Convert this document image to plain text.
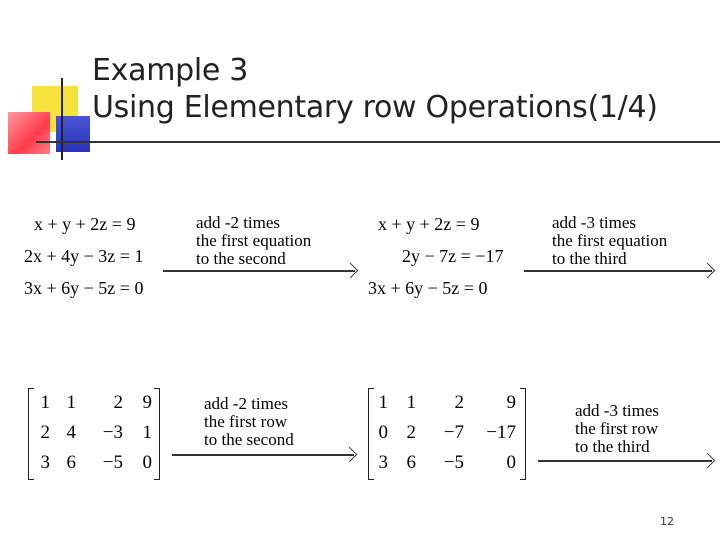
Example 3
Using Elementary row Operations(1/4)
x + y + 2z = 9
2x + 4y − 3z = 1
3x + 6y − 5z = 0
add -2 times
the first equation
to the second
x + y + 2z = 9
2y − 7z = −17
3x + 6y − 5z = 0
add -3 times
the first equation
to the third
1 1	2	9
2 4	−3	1
3 6	−5	0
add -2 times
the first row
to the second
1 1	2	9
0 2	−7 −17
3 6	−5	0
add -3 times
the first row
to the third
12
